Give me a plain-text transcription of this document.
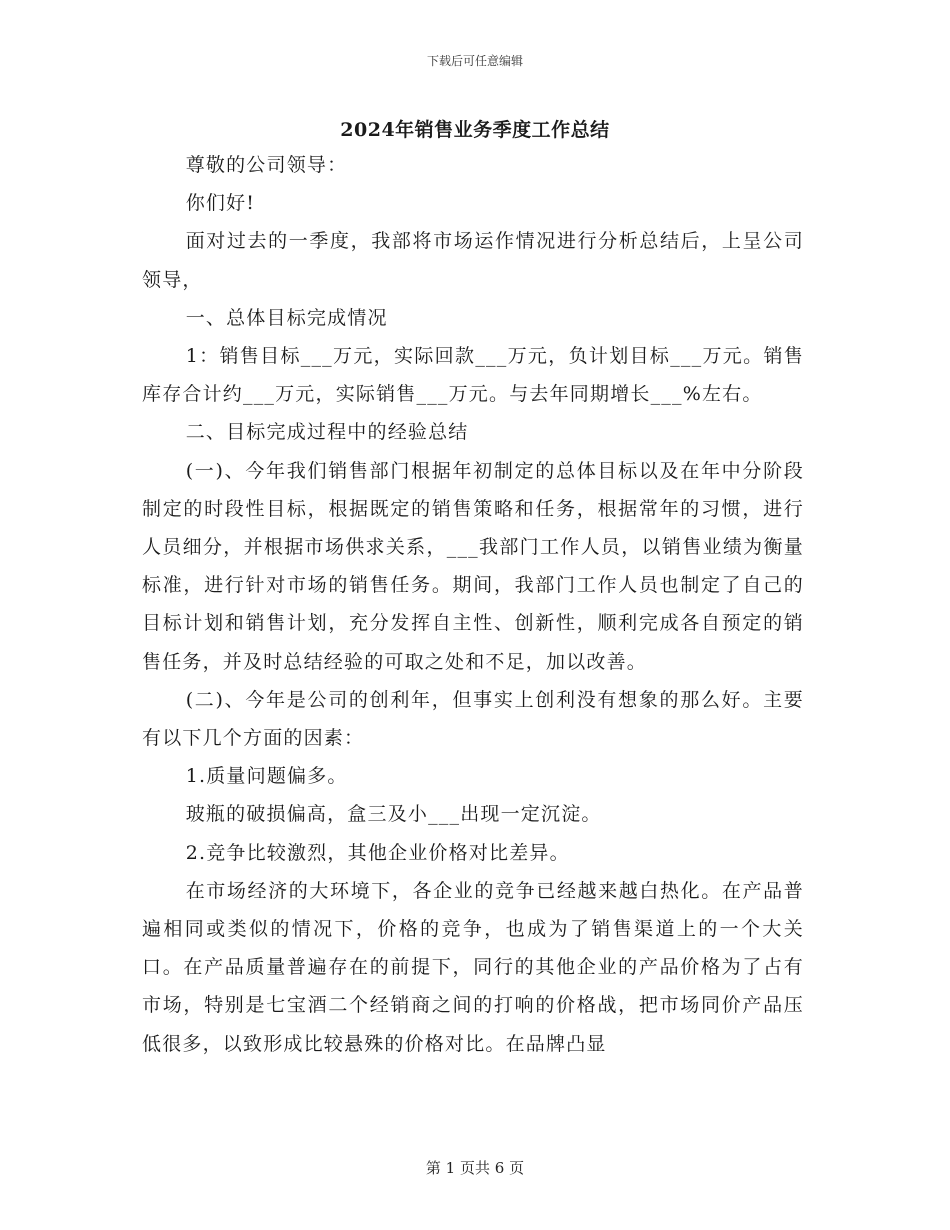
下载后可任意编辑
2024年销售业务季度工作总结

尊敬的公司领导：

你们好!

面对过去的一季度，我部将市场运作情况进行分析总结后，上呈公司领导，

一、总体目标完成情况

1：销售目标___万元，实际回款___万元，负计划目标___万元。销售库存合计约___万元，实际销售___万元。与去年同期增长___%左右。

二、目标完成过程中的经验总结

(一)、今年我们销售部门根据年初制定的总体目标以及在年中分阶段制定的时段性目标，根据既定的销售策略和任务，根据常年的习惯，进行人员细分，并根据市场供求关系，___我部门工作人员，以销售业绩为衡量标准，进行针对市场的销售任务。期间，我部门工作人员也制定了自己的目标计划和销售计划，充分发挥自主性、创新性，顺利完成各自预定的销售任务，并及时总结经验的可取之处和不足，加以改善。

(二)、今年是公司的创利年，但事实上创利没有想象的那么好。主要有以下几个方面的因素：

1.质量问题偏多。

玻瓶的破损偏高，盒三及小___出现一定沉淀。

2.竞争比较激烈，其他企业价格对比差异。

在市场经济的大环境下，各企业的竞争已经越来越白热化。在产品普遍相同或类似的情况下，价格的竞争，也成为了销售渠道上的一个大关口。在产品质量普遍存在的前提下，同行的其他企业的产品价格为了占有市场，特别是七宝酒二个经销商之间的打响的价格战，把市场同价产品压低很多，以致形成比较悬殊的价格对比。在品牌凸显

第 1 页共 6 页
